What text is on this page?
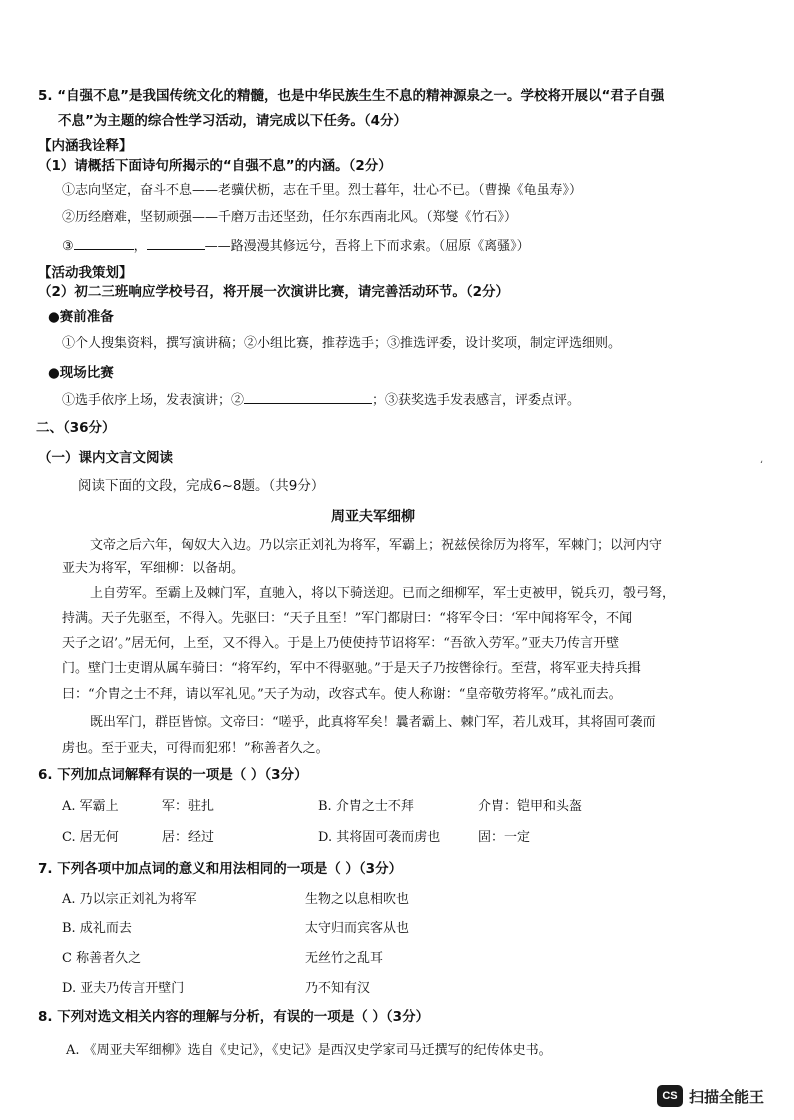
5. “自强不息”是我国传统文化的精髓，也是中华民族生生不息的精神源泉之一。学校将开展以“君子自强
不息”为主题的综合性学习活动，请完成以下任务。（4分）
【内涵我诠释】
（1）请概括下面诗句所揭示的“自强不息”的内涵。（2分）
①志向坚定，奋斗不息——老骥伏枥，志在千里。烈士暮年，壮心不已。（曹操《龟虽寿》）
②历经磨难，坚韧顽强——千磨万击还坚劲，任尔东西南北风。（郑燮《竹石》）
③	，	——路漫漫其修远兮，吾将上下而求索。（屈原《离骚》）
【活动我策划】
（2）初二三班响应学校号召，将开展一次演讲比赛，请完善活动环节。（2分）
●赛前准备
①个人搜集资料，撰写演讲稿；②小组比赛，推荐选手；③推选评委，设计奖项，制定评选细则。
●现场比赛
①选手依序上场，发表演讲；②	；③获奖选手发表感言，评委点评。
二、（36分）
（一）课内文言文阅读
阅读下面的文段，完成6~8题。（共9分）
周亚夫军细柳
文帝之后六年，匈奴大入边。乃以宗正刘礼为将军，军霸上；祝兹侯徐厉为将军，军棘门；以河内守
亚夫为将军，军细柳：以备胡。
上自劳军。至霸上及棘门军，直驰入，将以下骑送迎。已而之细柳军，军士吏被甲，锐兵刃，彀弓弩，
持满。天子先驱至，不得入。先驱曰：“天子且至！”军门都尉曰：“将军令曰：‘军中闻将军令，不闻
天子之诏’。”居无何，上至，又不得入。于是上乃使使持节诏将军：“吾欲入劳军。”亚夫乃传言开壁
门。壁门士吏谓从属车骑曰：“将军约，军中不得驱驰。”于是天子乃按辔徐行。至营，将军亚夫持兵揖
曰：“介胄之士不拜，请以军礼见。”天子为动，改容式车。使人称谢：“皇帝敬劳将军。”成礼而去。
既出军门，群臣皆惊。文帝曰：“嗟乎，此真将军矣！曩者霸上、棘门军，若儿戏耳，其将固可袭而
虏也。至于亚夫，可得而犯邪！”称善者久之。
6. 下列加点词解释有误的一项是（ ）（3分）
A. 军霸上	军：驻扎	B. 介胄之士不拜	介胄：铠甲和头盔
C. 居无何	居：经过	D. 其将固可袭而虏也	固：一定
7. 下列各项中加点词的意义和用法相同的一项是（ ）（3分）
A. 乃以宗正刘礼为将军	生物之以息相吹也
B. 成礼而去	太守归而宾客从也
C 称善者久之	无丝竹之乱耳
D. 亚夫乃传言开壁门	乃不知有汉
8. 下列对选文相关内容的理解与分析，有误的一项是（ ）（3分）
A. 《周亚夫军细柳》选自《史记》，《史记》是西汉史学家司马迁撰写的纪传体史书。
ʻ̒
CS 扫描全能王
